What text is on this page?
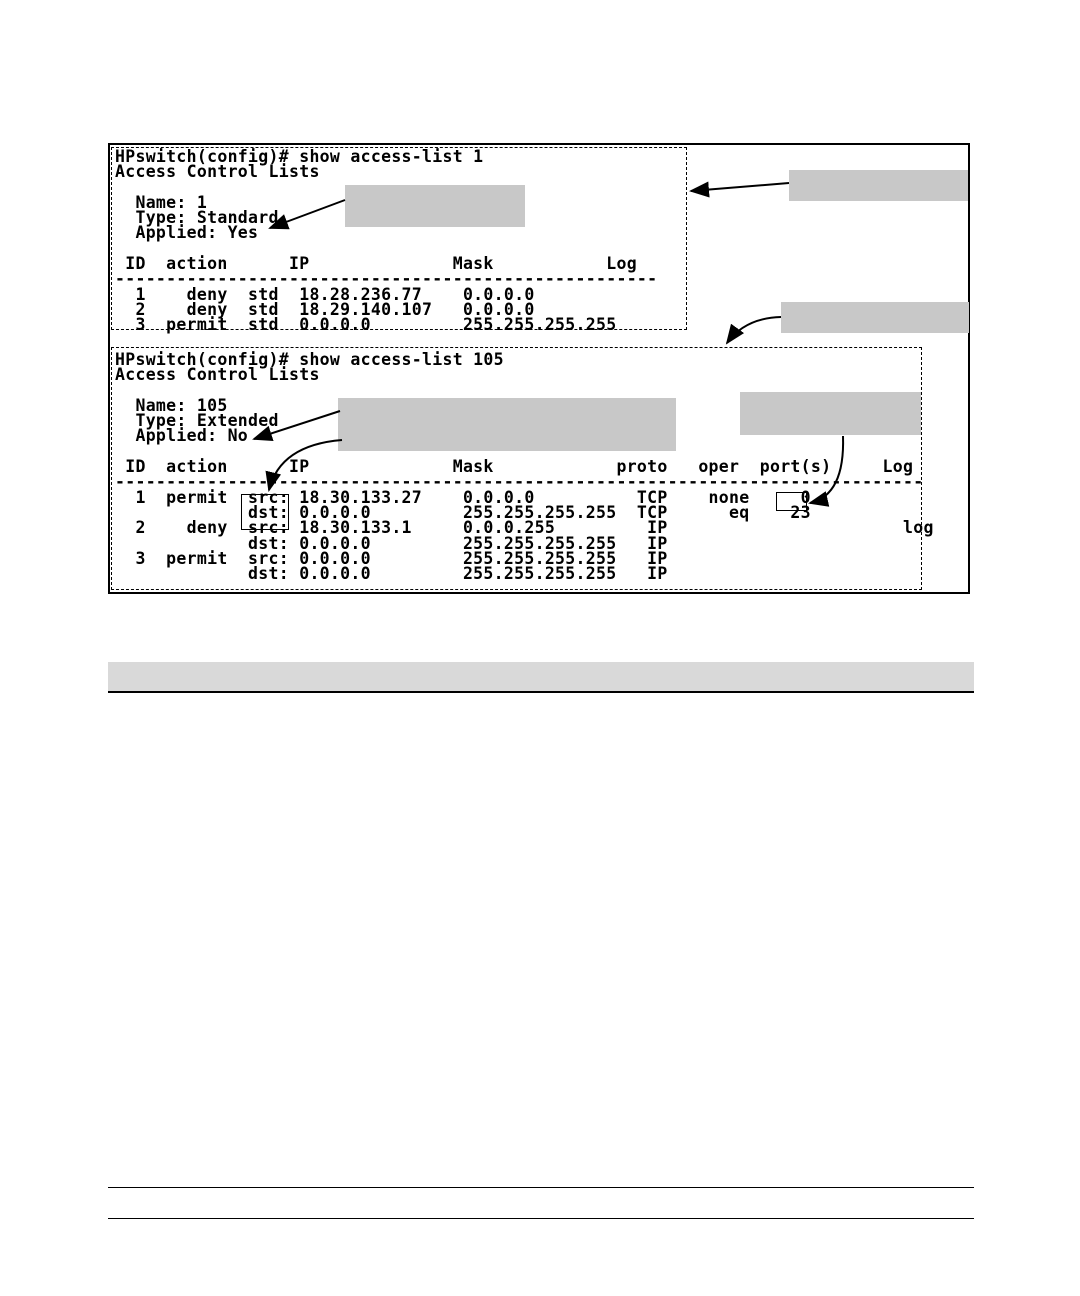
HPswitch(config)# show access-list 1
Access Control Lists

Name: 1
Type: Standard
Applied: Yes

ID  action      IP              Mask           Log
-----------------------------------------------------
1    deny  std  18.28.236.77    0.0.0.0
2    deny  std  18.29.140.107   0.0.0.0
3  permit  std  0.0.0.0         255.255.255.255
HPswitch(config)# show access-list 105
Access Control Lists

Name: 105
Type: Extended
Applied: No

ID  action      IP              Mask            proto   oper  port(s)     Log
-------------------------------------------------------------------------------
1  permit  src: 18.30.133.27    0.0.0.0          TCP    none     0
dst: 0.0.0.0         255.255.255.255  TCP      eq    23
2    deny  src: 18.30.133.1     0.0.0.255         IP                       log
dst: 0.0.0.0         255.255.255.255   IP
3  permit  src: 0.0.0.0         255.255.255.255   IP
dst: 0.0.0.0         255.255.255.255   IP
